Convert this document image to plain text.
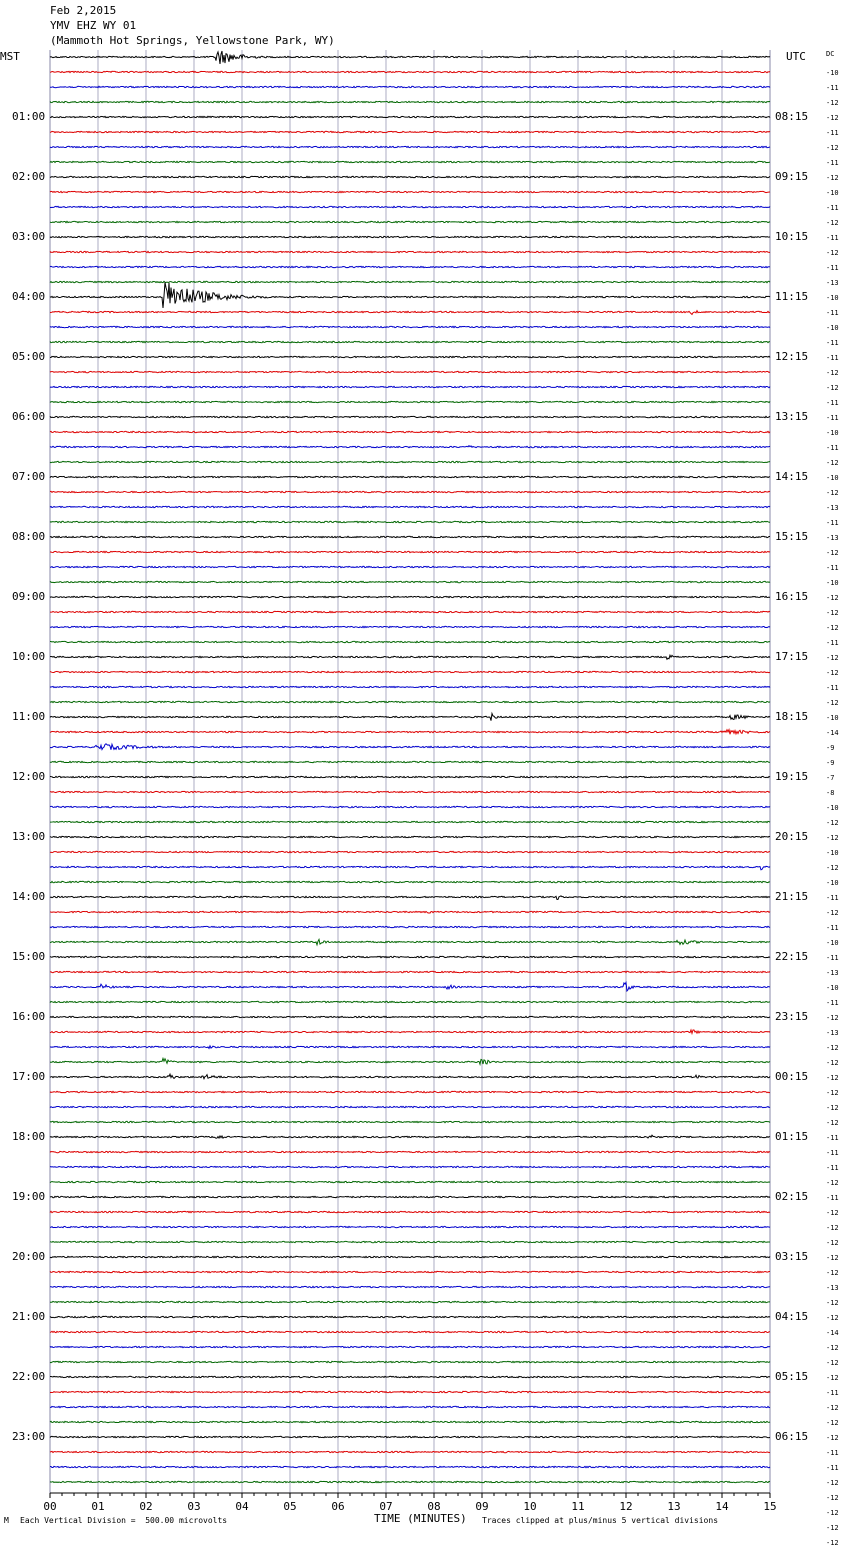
Feb 2,2015
YMV EHZ WY 01
(Mammoth Hot Springs, Yellowstone Park, WY)
MST	UTC	DC
01:00
02:00
03:00
04:00
05:00
06:00
07:00
08:00
09:00
10:00
11:00
12:00
13:00
14:00
15:00
16:00
17:00
18:00
19:00
20:00
21:00
22:00
23:00
08:15
09:15
10:15
11:15
12:15
13:15
14:15
15:15
16:15
17:15
18:15
19:15
20:15
21:15
22:15
23:15
00:15
01:15
02:15
03:15
04:15
05:15
06:15
-10
-11
-12
-12
-11
-12
-11
-12
-10
-11
-12
-11
-12
-11
-13
-10
-11
-10
-11
-11
-12
-12
-11
-11
-10
-11
-12
-10
-12
-13
-11
-13
-12
-11
-10
-12
-12
-12
-11
-12
-12
-11
-12
-10
-14
-9
-9
-7
-8
-10
-12
-12
-10
-12
-10
-11
-12
-11
-10
-11
-13
-10
-11
-12
-13
-12
-12
-12
-12
-12
-12
-11
-11
-11
-12
-11
-12
-12
-12
-12
-12
-13
-12
-12
-14
-12
-12
-12
-11
-12
-12
-12
-11
-11
-12
-12
-12
-12
-12
00	01	02	03	04	05	06	07	08	09	10	11	12	13	14	15
TIME (MINUTES)
M Each Vertical Division =  500.00 microvolts	Traces clipped at plus/minus 5 vertical divisions
